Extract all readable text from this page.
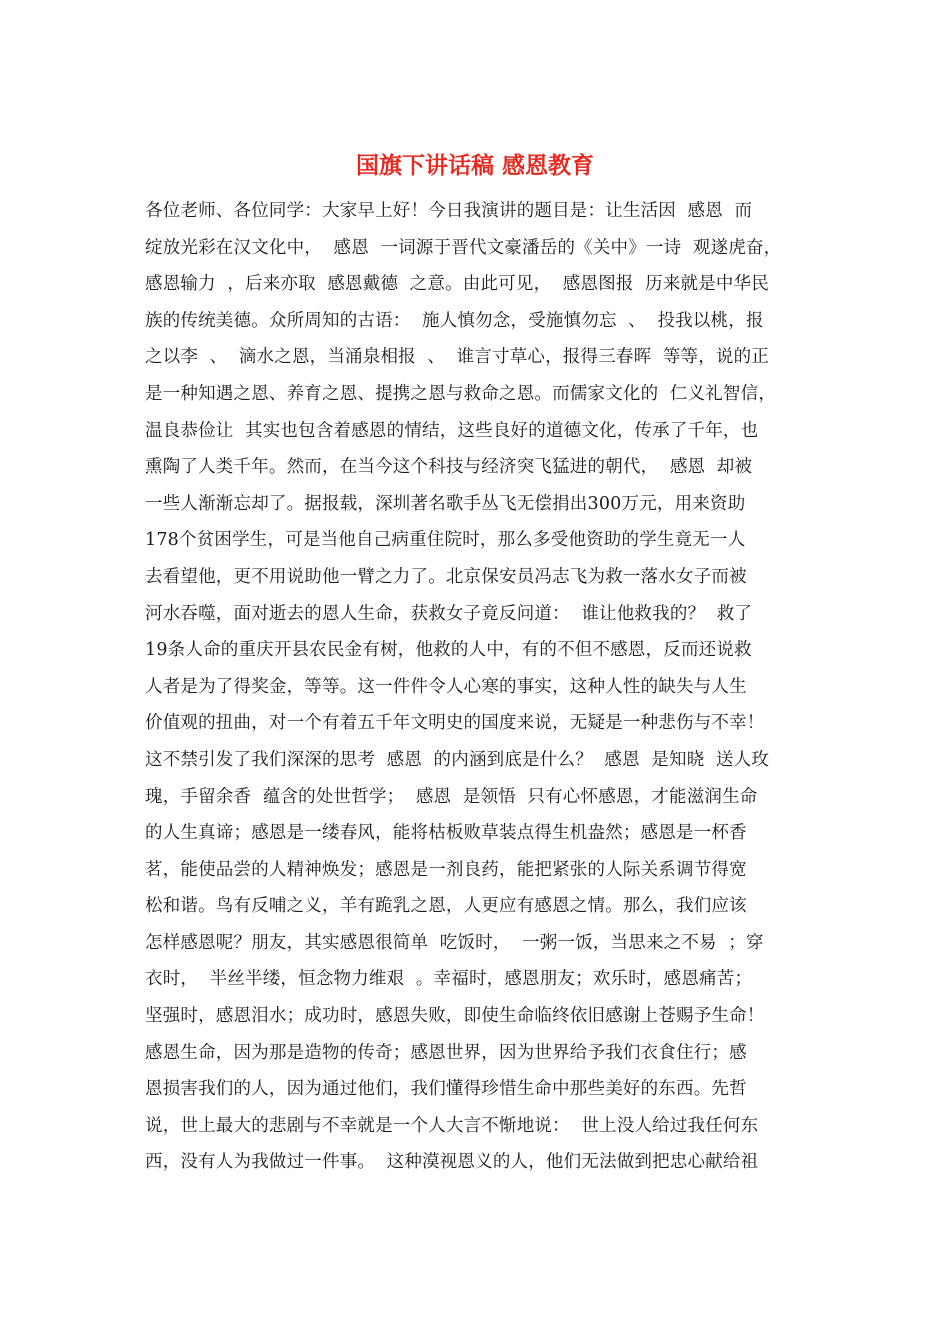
国旗下讲话稿 感恩教育
各位老师、各位同学：大家早上好！今日我演讲的题目是：让生活因  感恩  而
绽放光彩在汉文化中，  感恩  一词源于晋代文豪潘岳的《关中》一诗  观遂虎奋，
感恩输力  ，后来亦取  感恩戴德  之意。由此可见，  感恩图报  历来就是中华民
族的传统美德。众所周知的古语：  施人慎勿念，受施慎勿忘  、  投我以桃，报
之以李  、  滴水之恩，当涌泉相报  、  谁言寸草心，报得三春晖  等等，说的正
是一种知遇之恩、养育之恩、提携之恩与救命之恩。而儒家文化的  仁义礼智信，
温良恭俭让  其实也包含着感恩的情结，这些良好的道德文化，传承了千年，也
熏陶了人类千年。然而，在当今这个科技与经济突飞猛进的朝代，  感恩  却被
一些人渐渐忘却了。据报载，深圳著名歌手丛飞无偿捐出300万元，用来资助
178个贫困学生，可是当他自己病重住院时，那么多受他资助的学生竟无一人
去看望他，更不用说助他一臂之力了。北京保安员冯志飞为救一落水女子而被
河水吞噬，面对逝去的恩人生命，获救女子竟反问道：  谁让他救我的？  救了
19条人命的重庆开县农民金有树，他救的人中，有的不但不感恩，反而还说救
人者是为了得奖金，等等。这一件件令人心寒的事实，这种人性的缺失与人生
价值观的扭曲，对一个有着五千年文明史的国度来说，无疑是一种悲伤与不幸！
这不禁引发了我们深深的思考  感恩  的内涵到底是什么？  感恩  是知晓  送人玫
瑰，手留余香  蕴含的处世哲学；  感恩  是领悟  只有心怀感恩，才能滋润生命
的人生真谛；感恩是一缕春风，能将枯板败草装点得生机盎然；感恩是一杯香
茗，能使品尝的人精神焕发；感恩是一剂良药，能把紧张的人际关系调节得宽
松和谐。鸟有反哺之义，羊有跪乳之恩，人更应有感恩之情。那么，我们应该
怎样感恩呢？朋友，其实感恩很简单  吃饭时，  一粥一饭，当思来之不易  ；穿
衣时，  半丝半缕，恒念物力维艰  。幸福时，感恩朋友；欢乐时，感恩痛苦；
坚强时，感恩泪水；成功时，感恩失败，即使生命临终依旧感谢上苍赐予生命！
感恩生命，因为那是造物的传奇；感恩世界，因为世界给予我们衣食住行；感
恩损害我们的人，因为通过他们，我们懂得珍惜生命中那些美好的东西。先哲
说，世上最大的悲剧与不幸就是一个人大言不惭地说：  世上没人给过我任何东
西，没有人为我做过一件事。  这种漠视恩义的人，他们无法做到把忠心献给祖
